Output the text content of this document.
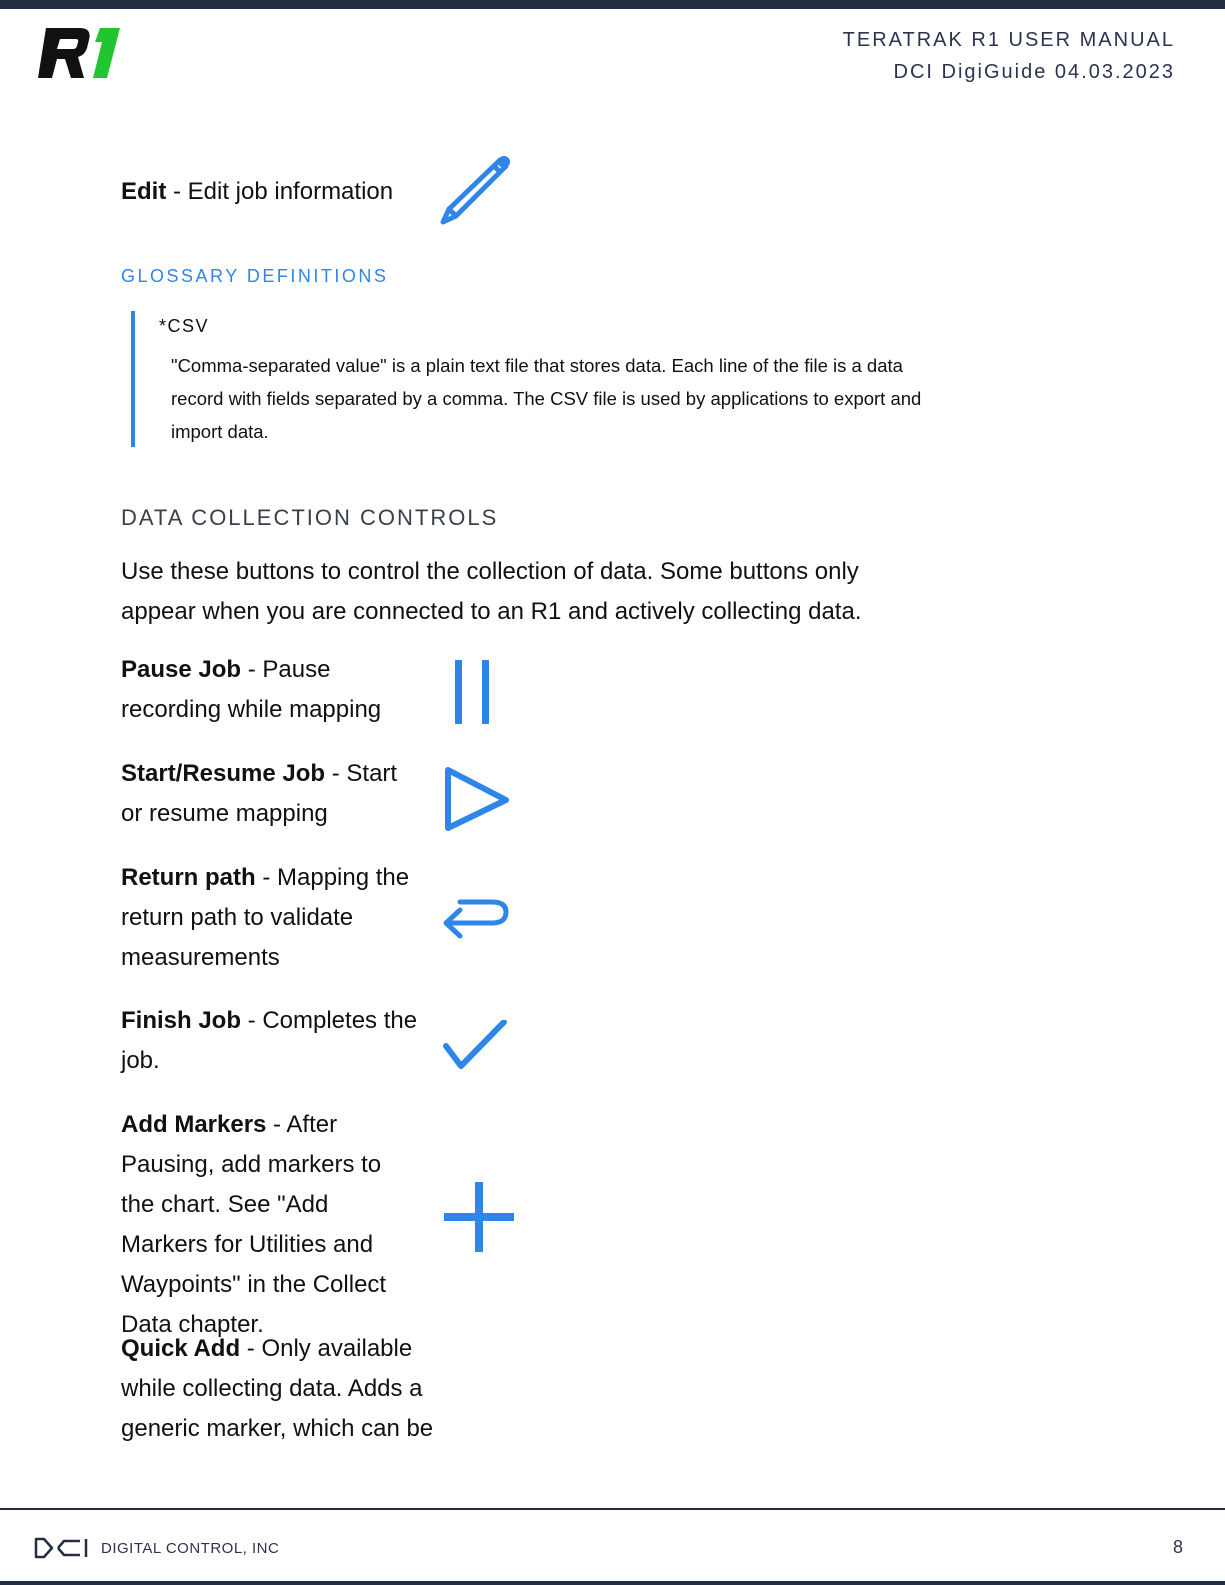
TERATRAK R1 USER MANUAL
DCI DigiGuide 04.03.2023
Edit - Edit job information
GLOSSARY DEFINITIONS
*CSV
"Comma-separated value" is a plain text file that stores data. Each line of the file is a data record with fields separated by a comma. The CSV file is used by applications to export and import data.
DATA COLLECTION CONTROLS
Use these buttons to control the collection of data. Some buttons only appear when you are connected to an R1 and actively collecting data.
Pause Job - Pause recording while mapping
Start/Resume Job - Start or resume mapping
Return path - Mapping the return path to validate measurements
Finish Job - Completes the job.
Add Markers - After Pausing, add markers to the chart. See "Add Markers for Utilities and Waypoints" in the Collect Data chapter.
Quick Add - Only available while collecting data. Adds a generic marker, which can be
DIGITAL CONTROL, INC	8
